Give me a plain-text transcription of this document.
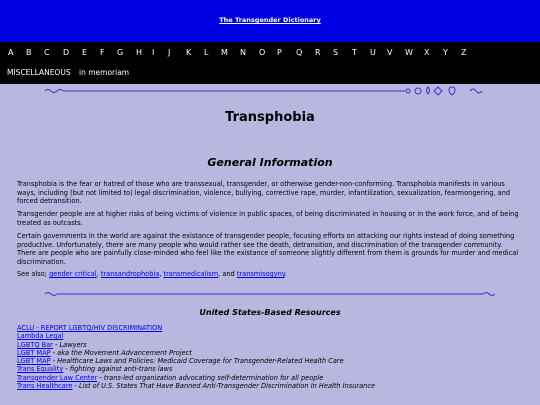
The Transgender Dictionary
A B C D E F G H I J K L M N O P Q R S T U V W X Y Z
MISCELLANEOUS in memoriam
Transphobia
General Information
Transphobia is the fear or hatred of those who are transsexual, transgender, or otherwise gender-non-conforming. Transphobia manifests in various ways, including (but not limited to) legal discrimination, violence, bullying, corrective rape, murder, infantilization, sexualization, fearmongering, and forced detransition.
Transgender people are at higher risks of being victims of violence in public spaces, of being discriminated in housing or in the work force, and of being treated as outcasts.
Certain governments in the world are against the existance of transgender people, focusing efforts on attacking our rights instead of doing something productive. Unfortunately, there are many people who would rather see the death, detransition, and discrimination of the transgender community. There are people who are painfully close-minded who feel like the existance of someone slightly different from them is grounds for murder and medical discrimination.
See also; gender critical, transandrophobia, transmedicalism, and transmisogyny.
United States-Based Resources
ACLU - REPORT LGBTQ/HIV DISCRIMINATION
Lambda Legal
LGBTQ Bar - Lawyers
LGBT MAP - aka the Movement Advancement Project
LGBT MAP - Healthcare Laws and Policies: Medicaid Coverage for Transgender-Related Health Care
Trans Equality - fighting against anti-trans laws
Transgender Law Center - trans-led organization advocating self-determination for all people
Trans Healthcare - List of U.S. States That Have Banned Anti-Transgender Discrimination In Health Insurance
